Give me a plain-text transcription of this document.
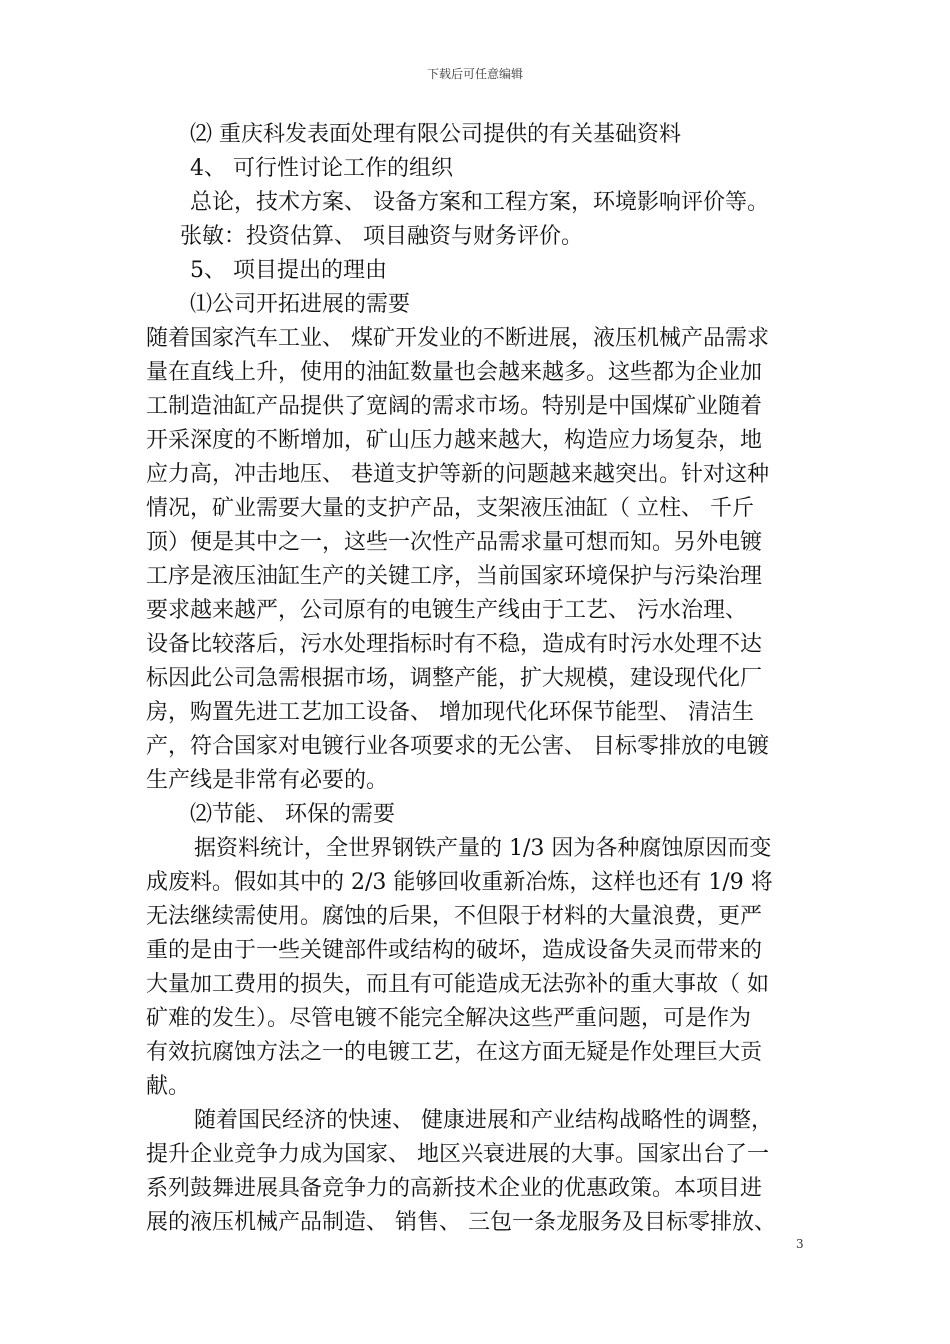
下载后可任意编辑
⑵ 重庆科发表面处理有限公司提供的有关基础资料
4、 可行性讨论工作的组织
总论，技术方案、 设备方案和工程方案，环境影响评价等。
张敏：投资估算、 项目融资与财务评价。
5、 项目提出的理由
⑴公司开拓进展的需要
随着国家汽车工业、 煤矿开发业的不断进展，液压机械产品需求
量在直线上升，使用的油缸数量也会越来越多。这些都为企业加
工制造油缸产品提供了宽阔的需求市场。特别是中国煤矿业随着
开采深度的不断增加，矿山压力越来越大，构造应力场复杂，地
应力高，冲击地压、 巷道支护等新的问题越来越突出。针对这种
情况，矿业需要大量的支护产品，支架液压油缸（ 立柱、 千斤
顶）便是其中之一，这些一次性产品需求量可想而知。另外电镀
工序是液压油缸生产的关键工序，当前国家环境保护与污染治理
要求越来越严，公司原有的电镀生产线由于工艺、 污水治理、
设备比较落后，污水处理指标时有不稳，造成有时污水处理不达
标因此公司急需根据市场，调整产能，扩大规模，建设现代化厂
房，购置先进工艺加工设备、 增加现代化环保节能型、 清洁生
产，符合国家对电镀行业各项要求的无公害、 目标零排放的电镀
生产线是非常有必要的。
⑵节能、 环保的需要
据资料统计，全世界钢铁产量的 1/3 因为各种腐蚀原因而变
成废料。假如其中的 2/3 能够回收重新冶炼，这样也还有 1/9 将
无法继续需使用。腐蚀的后果，不但限于材料的大量浪费，更严
重的是由于一些关键部件或结构的破坏，造成设备失灵而带来的
大量加工费用的损失，而且有可能造成无法弥补的重大事故（ 如
矿难的发生）。尽管电镀不能完全解决这些严重问题，可是作为
有效抗腐蚀方法之一的电镀工艺，在这方面无疑是作处理巨大贡
献。
随着国民经济的快速、 健康进展和产业结构战略性的调整，
提升企业竞争力成为国家、 地区兴衰进展的大事。国家出台了一
系列鼓舞进展具备竞争力的高新技术企业的优惠政策。本项目进
展的液压机械产品制造、 销售、 三包一条龙服务及目标零排放、
3
